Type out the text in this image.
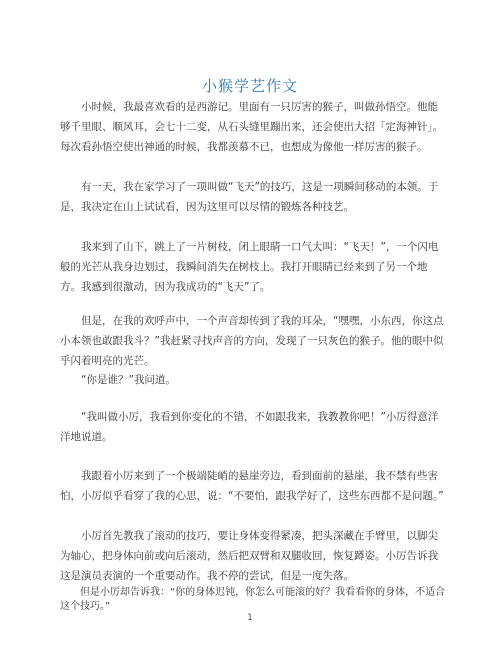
小猴学艺作文

小时候，我最喜欢看的是西游记。里面有一只厉害的猴子，叫做孙悟空。他能够千里眼、顺风耳，会七十二变，从石头缝里蹦出来，还会使出大招「定海神针」。每次看孙悟空使出神通的时候，我都羡慕不已，也想成为像他一样厉害的猴子。

有一天，我在家学习了一项叫做“飞天”的技巧，这是一项瞬间移动的本领。于是，我决定在山上试试看，因为这里可以尽情的锻炼各种技艺。

我来到了山下，跳上了一片树枝，闭上眼睛一口气大叫：“飞天！”，一个闪电般的光芒从我身边划过，我瞬间消失在树枝上。我打开眼睛已经来到了另一个地方。我感到很激动，因为我成功的“飞天”了。

但是，在我的欢呼声中，一个声音却传到了我的耳朵，“嘿嘿，小东西，你这点小本领也敢跟我斗？”我赶紧寻找声音的方向，发现了一只灰色的猴子。他的眼中似乎闪着明亮的光芒。

“你是谁？”我问道。

“我叫做小厉，我看到你变化的不错，不如跟我来，我教教你吧！”小厉得意洋洋地说道。

我跟着小厉来到了一个极端陡峭的悬崖旁边，看到面前的悬崖，我不禁有些害怕，小厉似乎看穿了我的心思，说：“不要怕，跟我学好了，这些东西都不是问题。”

小厉首先教我了滚动的技巧，要让身体变得紧凑，把头深藏在手臂里，以脚尖为轴心，把身体向前或向后滚动，然后把双臂和双腿收回，恢复蹲姿。小厉告诉我这是演员表演的一个重要动作。我不停的尝试，但是一度失落。

但是小厉却告诉我：“你的身体迟钝，你怎么可能滚的好？我看看你的身体，不适合这个技巧。”

1
